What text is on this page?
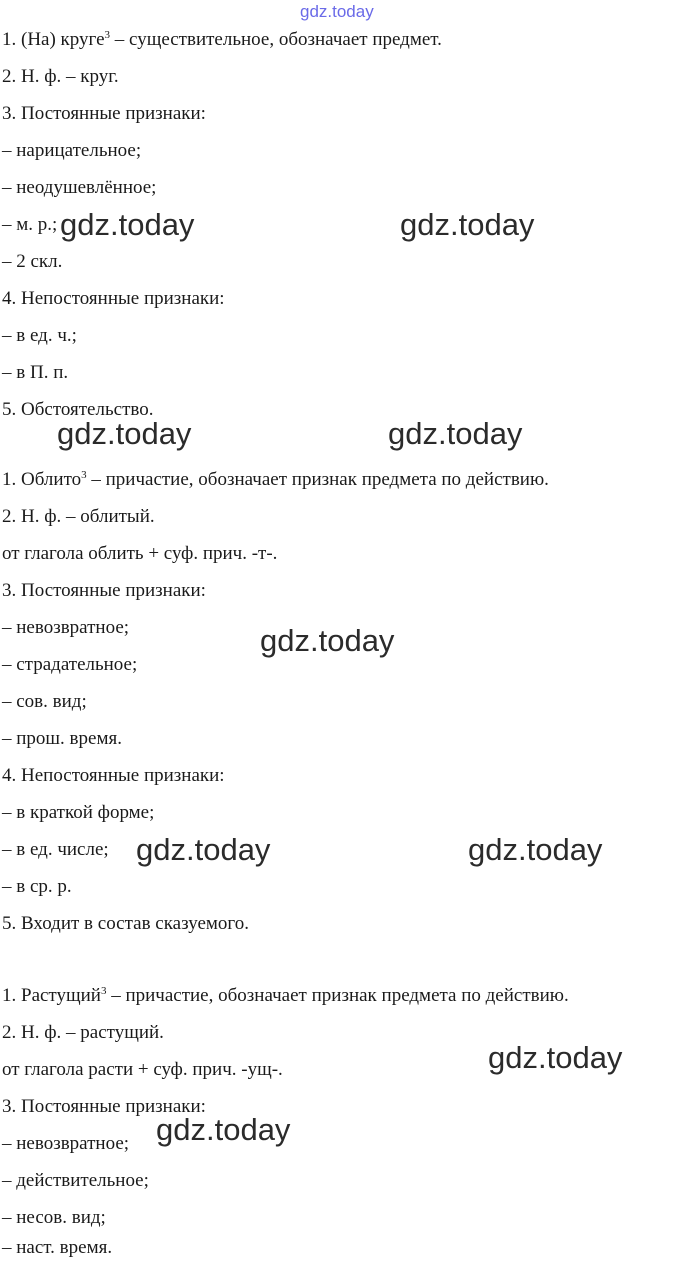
gdz.today

1. (На) круге$^3$ – существительное, обозначает предмет.

2. Н. ф. – круг.

3. Постоянные признаки:

– нарицательное;

– неодушевлённое;

– м. р.;

– 2 скл.

4. Непостоянные признаки:

– в ед. ч.;

– в П. п.

5. Обстоятельство.

1. Облито$^3$ – причастие, обозначает признак предмета по действию.

2. Н. ф. – облитый.

от глагола облить + суф. прич. -т-.

3. Постоянные признаки:

– невозвратное;

– страдательное;

– сов. вид;

– прош. время.

4. Непостоянные признаки:

– в краткой форме;

– в ед. числе;

– в ср. р.

5. Входит в состав сказуемого.

1. Растущий$^3$ – причастие, обозначает признак предмета по действию.

2. Н. ф. – растущий.

от глагола расти + суф. прич. -ущ-.

3. Постоянные признаки:

– невозвратное;

– действительное;

– несов. вид;

– наст. время.

gdz.today	gdz.today
gdz.today	gdz.today
gdz.today
gdz.today	gdz.today
gdz.today
gdz.today
